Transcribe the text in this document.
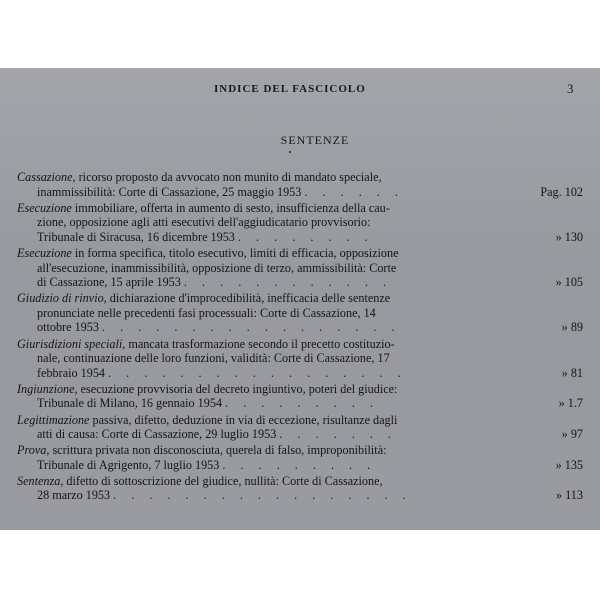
INDICE DEL FASCICOLO	3
SENTENZE
Cassazione, ricorso proposto da avvocato non munito di mandato speciale,
inammissibilità: Corte di Cassazione, 25 maggio 1953 . . . . . .	Pag. 102
Esecuzione immobiliare, offerta in aumento di sesto, insufficienza della cau-
zione, opposizione agli atti esecutivi dell'aggiudicatario provvisorio:
Tribunale di Siracusa, 16 dicembre 1953 . . . . . . . .	» 130
Esecuzione in forma specifica, titolo esecutivo, limiti di efficacia, opposizione
all'esecuzione, inammissibilità, opposizione di terzo, ammissibilità: Corte
di Cassazione, 15 aprile 1953 . . . . . . . . . . . .	» 105
Giudizio di rinvio, dichiarazione d'improcedibilità, inefficacia delle sentenze
pronunciate nelle precedenti fasi processuali: Corte di Cassazione, 14
ottobre 1953 . . . . . . . . . . . . . . . . .	» 89
Giurisdizioni speciali, mancata trasformazione secondo il precetto costituzio-
nale, continuazione delle loro funzioni, validità: Corte di Cassazione, 17
febbraio 1954 . . . . . . . . . . . . . . . . .	» 81
Ingiunzione, esecuzione provvisoria del decreto ingiuntivo, poteri del giudice:
Tribunale di Milano, 16 gennaio 1954 . . . . . . . . .	» 1.7
Legittimazione passiva, difetto, deduzione in via di eccezione, risultanze dagli
atti di causa: Corte di Cassazione, 29 luglio 1953 . . . . . . .	» 97
Prova, scrittura privata non disconosciuta, querela di falso, improponibilità:
Tribunale di Agrigento, 7 luglio 1953 . . . . . . . . .	» 135
Sentenza, difetto di sottoscrizione del giudice, nullità: Corte di Cassazione,
28 marzo 1953 . . . . . . . . . . . . . . . . .	» 113
